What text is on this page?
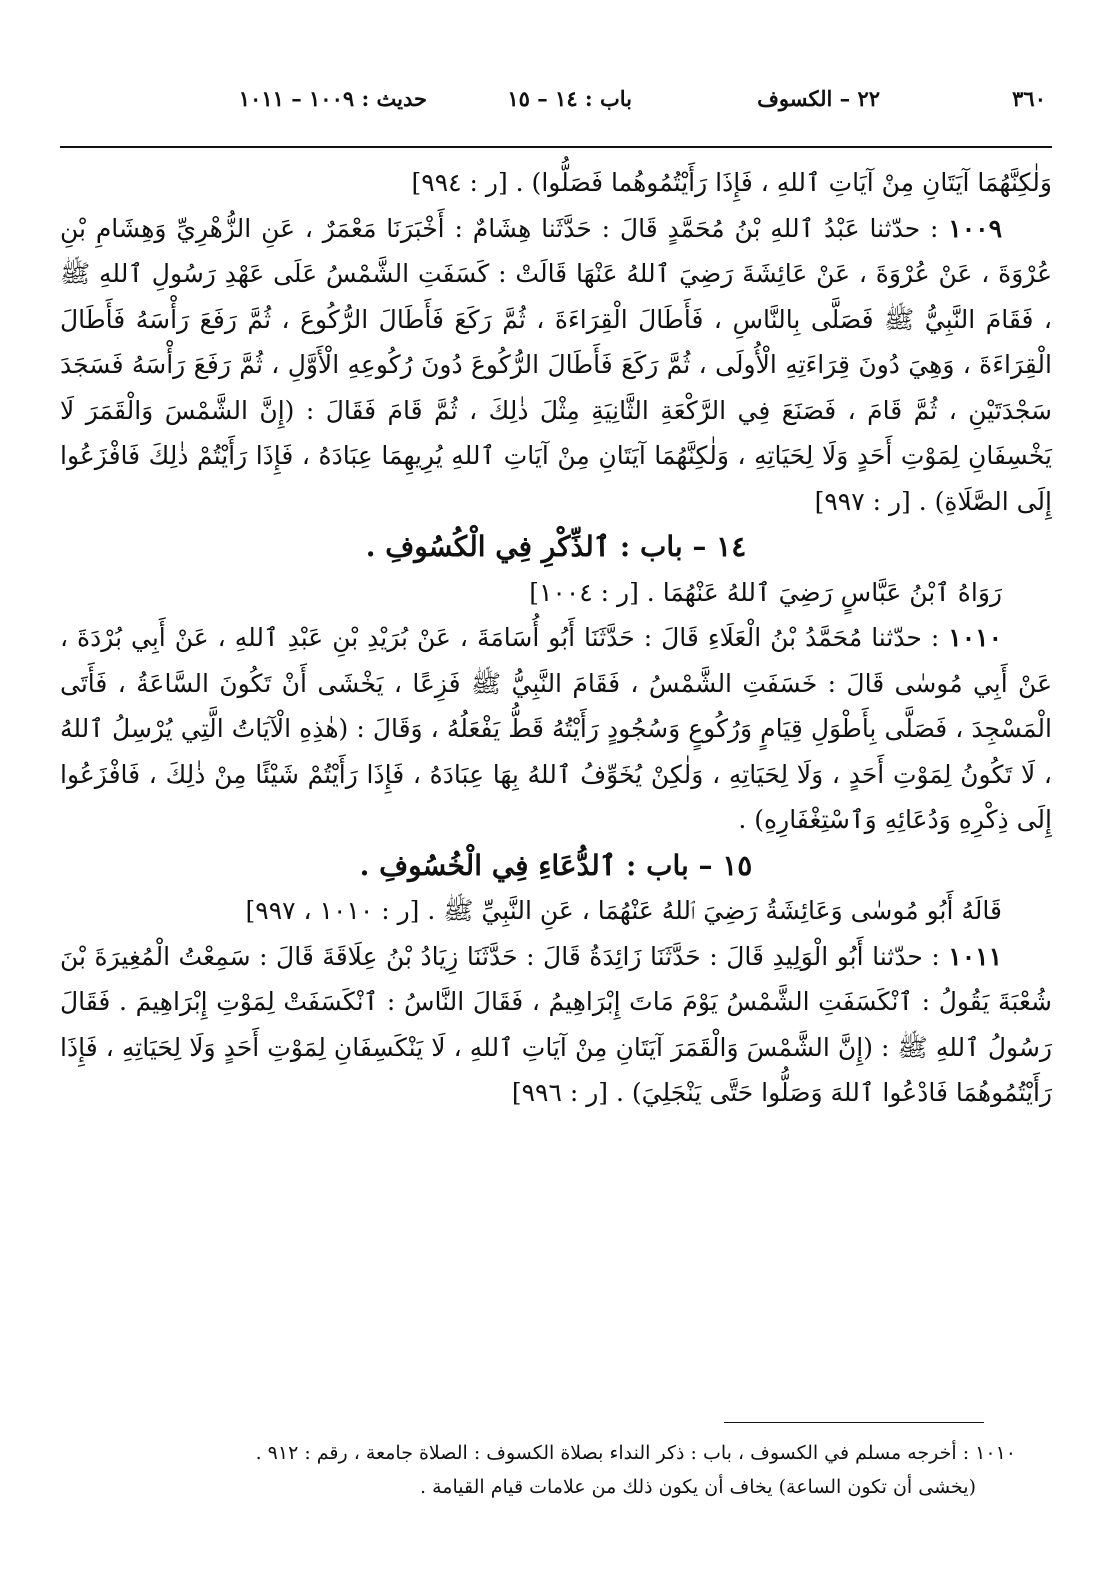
٣٦٠
٢٢ – الكسوف
باب : ١٤ – ١٥
حديث : ١٠٠٩ – ١٠١١

وَلٰكِنَّهُمَا آيَتَانِ مِنْ آيَاتِ ٱللهِ ، فَإِذَا رَأَيْتُمُوهُما فَصَلُّوا) . [ر : ٩٩٤]

١٠٠٩ : حدّثنا عَبْدُ ٱللهِ بْنُ مُحَمَّدٍ قَالَ : حَدَّثَنا هِشَامٌ : أَخْبَرَنَا مَعْمَرٌ ، عَنِ الزُّهْرِيِّ وَهِشَامِ بْنِ عُرْوَةَ ، عَنْ عُرْوَةَ ، عَنْ عَائِشَةَ رَضِيَ ٱللهُ عَنْهَا قَالَتْ : كَسَفَتِ الشَّمْسُ عَلَى عَهْدِ رَسُولِ ٱللهِ ﷺ ، فَقَامَ النَّبِيُّ ﷺ فَصَلَّى بِالنَّاسِ ، فَأَطَالَ الْقِرَاءَةَ ، ثُمَّ رَكَعَ فَأَطَالَ الرُّكُوعَ ، ثُمَّ رَفَعَ رَأْسَهُ فَأَطَالَ الْقِرَاءَةَ ، وَهِيَ دُونَ قِرَاءَتِهِ الْأُولَى ، ثُمَّ رَكَعَ فَأَطَالَ الرُّكُوعَ دُونَ رُكُوعِهِ الْأَوَّلِ ، ثُمَّ رَفَعَ رَأْسَهُ فَسَجَدَ سَجْدَتَيْنِ ، ثُمَّ قَامَ ، فَصَنَعَ فِي الرَّكْعَةِ الثَّانِيَةِ مِثْلَ ذٰلِكَ ، ثُمَّ قَامَ فَقَالَ : (إِنَّ الشَّمْسَ وَالْقَمَرَ لَا يَخْسِفَانِ لِمَوْتِ أَحَدٍ وَلَا لِحَيَاتِهِ ، وَلٰكِنَّهُمَا آيَتَانِ مِنْ آيَاتِ ٱللهِ يُرِيهِمَا عِبَادَهُ ، فَإِذَا رَأَيْتُمْ ذٰلِكَ فَافْزَعُوا إِلَى الصَّلَاةِ) . [ر : ٩٩٧]

١٤ – باب : ٱلذِّكْرِ فِي الْكُسُوفِ .

رَوَاهُ ٱبْنُ عَبَّاسٍ رَضِيَ ٱللهُ عَنْهُمَا . [ر : ١٠٠٤]

١٠١٠ : حدّثنا مُحَمَّدُ بْنُ الْعَلَاءِ قَالَ : حَدَّثَنَا أَبُو أُسَامَةَ ، عَنْ بُرَيْدِ بْنِ عَبْدِ ٱللهِ ، عَنْ أَبِي بُرْدَةَ ، عَنْ أَبِي مُوسٰى قَالَ : خَسَفَتِ الشَّمْسُ ، فَقَامَ النَّبِيُّ ﷺ فَزِعًا ، يَخْشَى أَنْ تَكُونَ السَّاعَةُ ، فَأَتَى الْمَسْجِدَ ، فَصَلَّى بِأَطْوَلِ قِيَامٍ وَرُكُوعٍ وَسُجُودٍ رَأَيْتُهُ قَطُّ يَفْعَلُهُ ، وَقَالَ : (هٰذِهِ الْآيَاتُ الَّتِي يُرْسِلُ ٱللهُ ، لَا تَكُونُ لِمَوْتِ أَحَدٍ ، وَلَا لِحَيَاتِهِ ، وَلٰكِنْ يُخَوِّفُ ٱللهُ بِهَا عِبَادَهُ ، فَإِذَا رَأَيْتُمْ شَيْئًا مِنْ ذٰلِكَ ، فَافْزَعُوا إِلَى ذِكْرِهِ وَدُعَائِهِ وَٱسْتِغْفَارِهِ) .

١٥ – باب : ٱلدُّعَاءِ فِي الْخُسُوفِ .

قَالَهُ أَبُو مُوسٰى وَعَائِشَةُ رَضِيَ ٱللهُ عَنْهُمَا ، عَنِ النَّبِيِّ ﷺ . [ر : ١٠١٠ ، ٩٩٧]

١٠١١ : حدّثنا أَبُو الْوَلِيدِ قَالَ : حَدَّثَنَا زَائِدَةُ قَالَ : حَدَّثَنَا زِيَادُ بْنُ عِلَاقَةَ قَالَ : سَمِعْتُ الْمُغِيرَةَ بْنَ شُعْبَةَ يَقُولُ : ٱنْكَسَفَتِ الشَّمْسُ يَوْمَ مَاتَ إِبْرَاهِيمُ ، فَقَالَ النَّاسُ : ٱنْكَسَفَتْ لِمَوْتِ إِبْرَاهِيمَ . فَقَالَ رَسُولُ ٱللهِ ﷺ : (إِنَّ الشَّمْسَ وَالْقَمَرَ آيَتَانِ مِنْ آيَاتِ ٱللهِ ، لَا يَنْكَسِفَانِ لِمَوْتِ أَحَدٍ وَلَا لِحَيَاتِهِ ، فَإِذَا رَأَيْتُمُوهُمَا فَادْعُوا ٱللهَ وَصَلُّوا حَتَّى يَنْجَلِيَ) . [ر : ٩٩٦]

١٠١٠ : أخرجه مسلم في الكسوف ، باب : ذكر النداء بصلاة الكسوف : الصلاة جامعة ، رقم : ٩١٢ .

(يخشى أن تكون الساعة) يخاف أن يكون ذلك من علامات قيام القيامة .
